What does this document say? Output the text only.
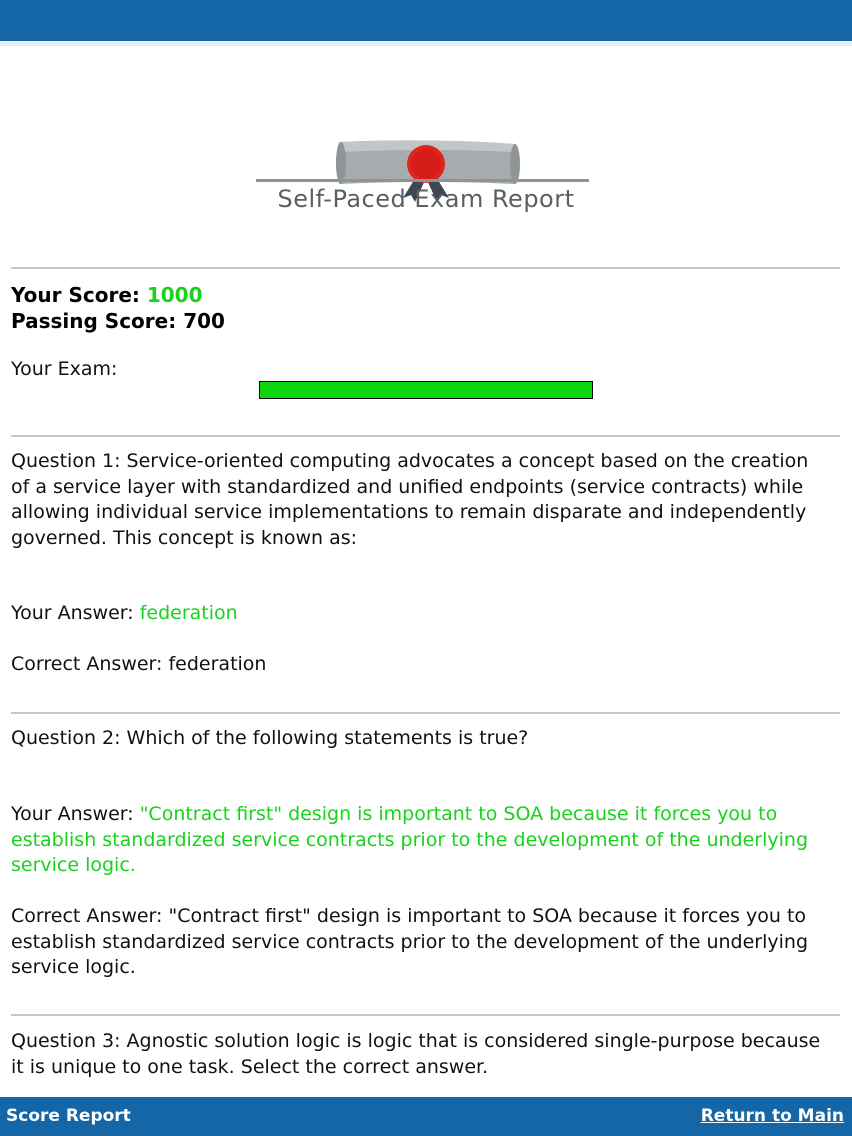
Self-Paced Exam Report
Your Score: 1000
Passing Score: 700
Your Exam:
Question 1: Service-oriented computing advocates a concept based on the creation of a service layer with standardized and unified endpoints (service contracts) while allowing individual service implementations to remain disparate and independently governed. This concept is known as:
Your Answer: federation
Correct Answer: federation
Question 2: Which of the following statements is true?
Your Answer: "Contract first" design is important to SOA because it forces you to establish standardized service contracts prior to the development of the underlying service logic.
Correct Answer: "Contract first" design is important to SOA because it forces you to establish standardized service contracts prior to the development of the underlying service logic.
Question 3: Agnostic solution logic is logic that is considered single-purpose because it is unique to one task. Select the correct answer.
Score Report	Return to Main
